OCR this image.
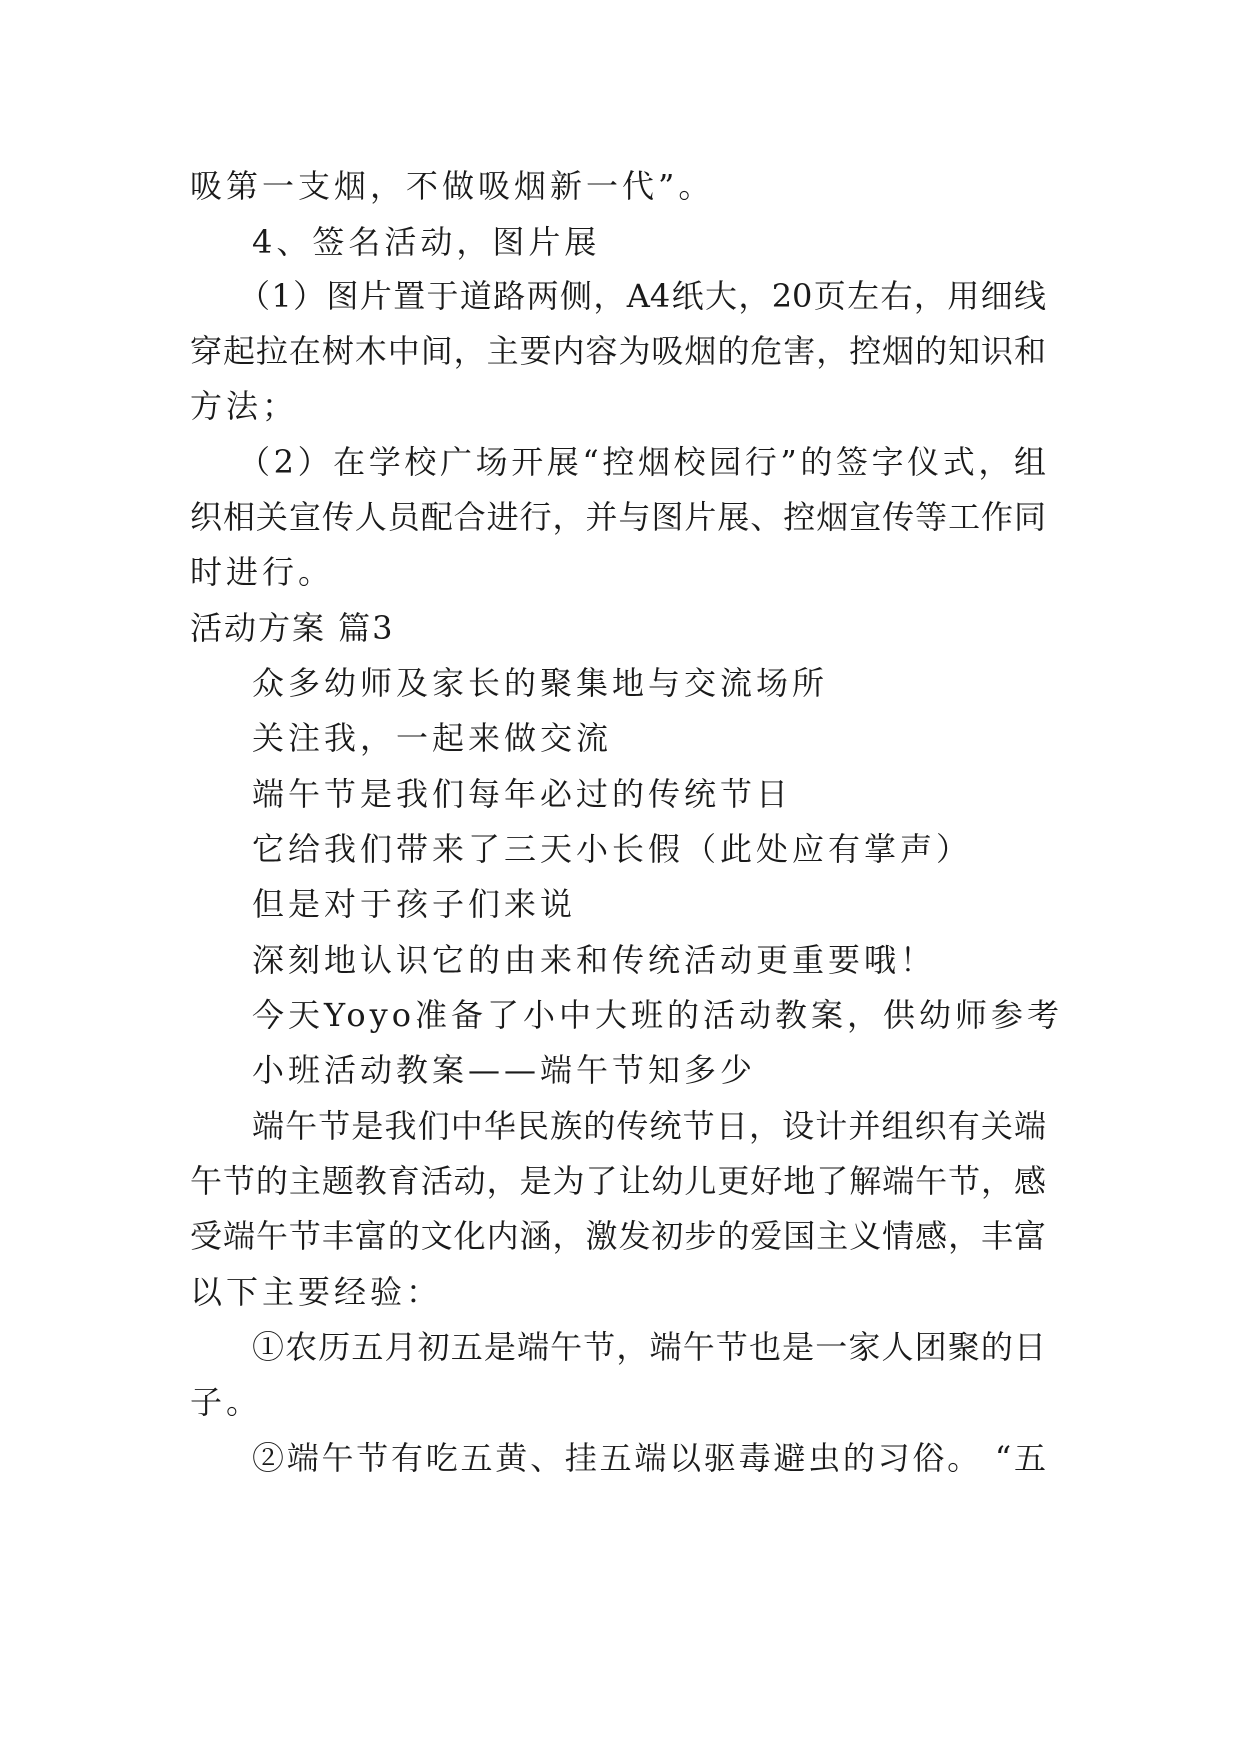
吸第一支烟，不做吸烟新一代”。
4、签名活动，图片展
（1）图片置于道路两侧，A4纸大，20页左右，用细线
穿起拉在树木中间，主要内容为吸烟的危害，控烟的知识和
方法；
（2）在学校广场开展“控烟校园行”的签字仪式，组
织相关宣传人员配合进行，并与图片展、控烟宣传等工作同
时进行。
活动方案 篇3
众多幼师及家长的聚集地与交流场所
关注我，一起来做交流
端午节是我们每年必过的传统节日
它给我们带来了三天小长假（此处应有掌声）
但是对于孩子们来说
深刻地认识它的由来和传统活动更重要哦！
今天Yoyo准备了小中大班的活动教案，供幼师参考
小班活动教案——端午节知多少
端午节是我们中华民族的传统节日，设计并组织有关端
午节的主题教育活动，是为了让幼儿更好地了解端午节，感
受端午节丰富的文化内涵，激发初步的爱国主义情感，丰富
以下主要经验：
①农历五月初五是端午节，端午节也是一家人团聚的日
子。
②端午节有吃五黄、挂五端以驱毒避虫的习俗。 “五
